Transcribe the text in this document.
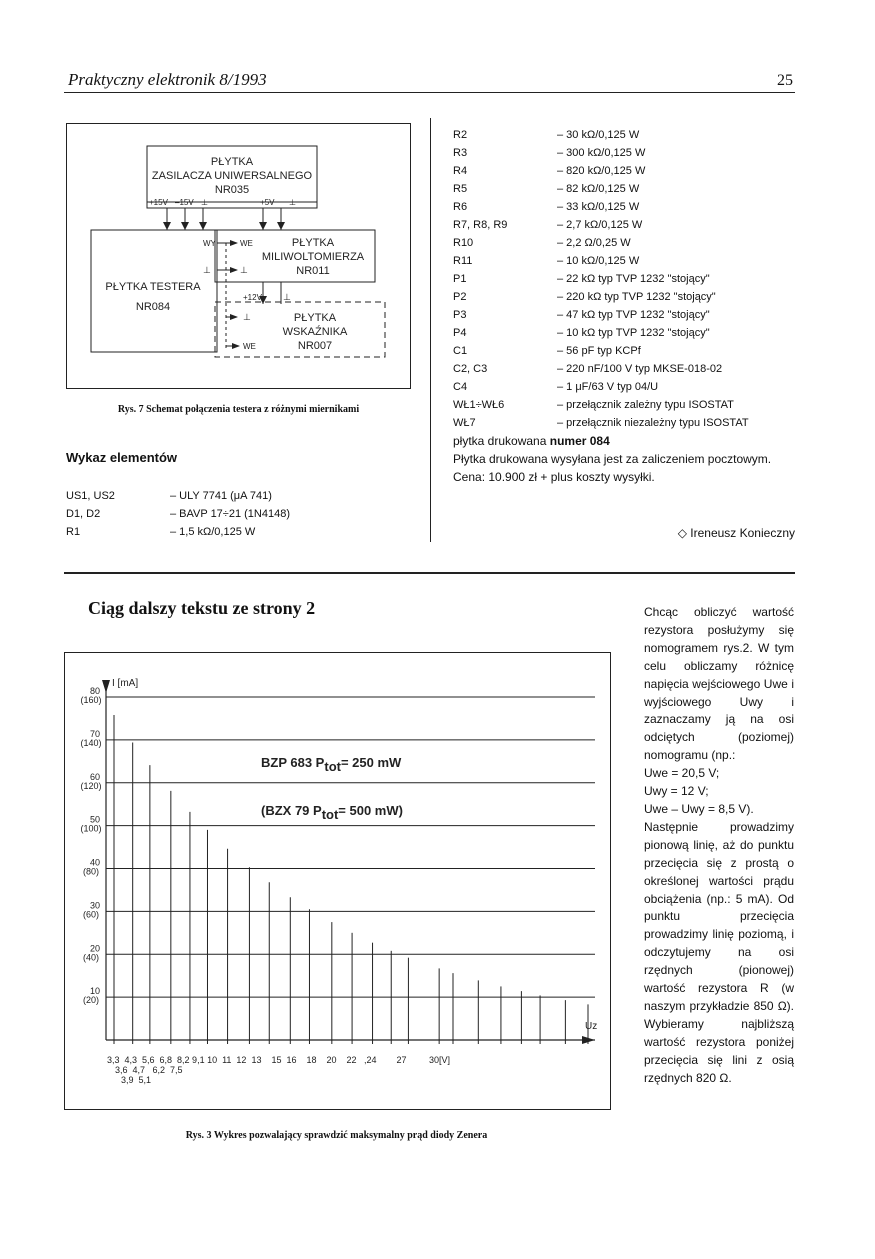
Praktyczny elektronik 8/1993	25
PŁYTKA
ZASILACZA UNIWERSALNEGO
NR035
+15V –15V ⊥	+5V ⊥
PŁYTKA TESTERA
NR084
WY
⊥
WE
⊥
PŁYTKA
MILIWOLTOMIERZA
NR011
+12V ⊥
⊥
WE
PŁYTKA
WSKAŹNIKA
NR007
Rys. 7 Schemat połączenia testera z różnymi miernikami
Wykaz elementów
US1, US2	– ULY 7741 (μA 741)
D1, D2	– BAVP 17÷21 (1N4148)
R1	– 1,5 kΩ/0,125 W
R2	– 30 kΩ/0,125 W
R3	– 300 kΩ/0,125 W
R4	– 820 kΩ/0,125 W
R5	– 82 kΩ/0,125 W
R6	– 33 kΩ/0,125 W
R7, R8, R9	– 2,7 kΩ/0,125 W
R10	– 2,2 Ω/0,25 W
R11	– 10 kΩ/0,125 W
P1	– 22 kΩ typ TVP 1232 "stojący"
P2	– 220 kΩ typ TVP 1232 "stojący"
P3	– 47 kΩ typ TVP 1232 "stojący"
P4	– 10 kΩ typ TVP 1232 "stojący"
C1	– 56 pF typ KCPf
C2, C3	– 220 nF/100 V typ MKSE-018-02
C4	– 1 μF/63 V typ 04/U
WŁ1÷WŁ6	– przełącznik zależny typu ISOSTAT
WŁ7	– przełącznik niezależny typu ISOSTAT
płytka drukowana numer 084
Płytka drukowana wysyłana jest za zaliczeniem pocztowym.
Cena: 10.900 zł + plus koszty wysyłki.
◇ Ireneusz Konieczny
Ciąg dalszy tekstu ze strony 2
80
(160)
70
(140)
60
(120)
50
(100)
40
(80)
30
(60)
20
(40)
10
(20)
I [mA]
Uz
BZP 683 Ptot= 250 mW
(BZX 79 Ptot= 500 mW)
3,3  4,3  5,6  6,8  8,2 9,1 10  11  12  13    15  16    18    20    22   ,24        27         30[V]
3,6  4,7   6,2  7,5
3,9  5,1
Rys. 3 Wykres pozwalający sprawdzić maksymalny prąd diody Zenera

Chcąc obliczyć wartość rezystora posłużymy się nomogramem rys.2. W tym celu obliczamy różnicę napięcia wejściowego Uwe i wyjściowego Uwy i zaznaczamy ją na osi odciętych (poziomej) nomogramu (np.:

Uwe = 20,5 V;
Uwy = 12 V;
Uwe – Uwy = 8,5 V).

Następnie prowadzimy pionową linię, aż do punktu przecięcia się z prostą o określonej wartości prądu obciążenia (np.: 5 mA). Od punktu przecięcia prowadzimy linię poziomą, i odczytujemy na osi rzędnych (pionowej) wartość rezystora R (w naszym przykładzie 850 Ω). Wybieramy najbliższą wartość rezystora poniżej przecięcia się lini z osią rzędnych 820 Ω.
